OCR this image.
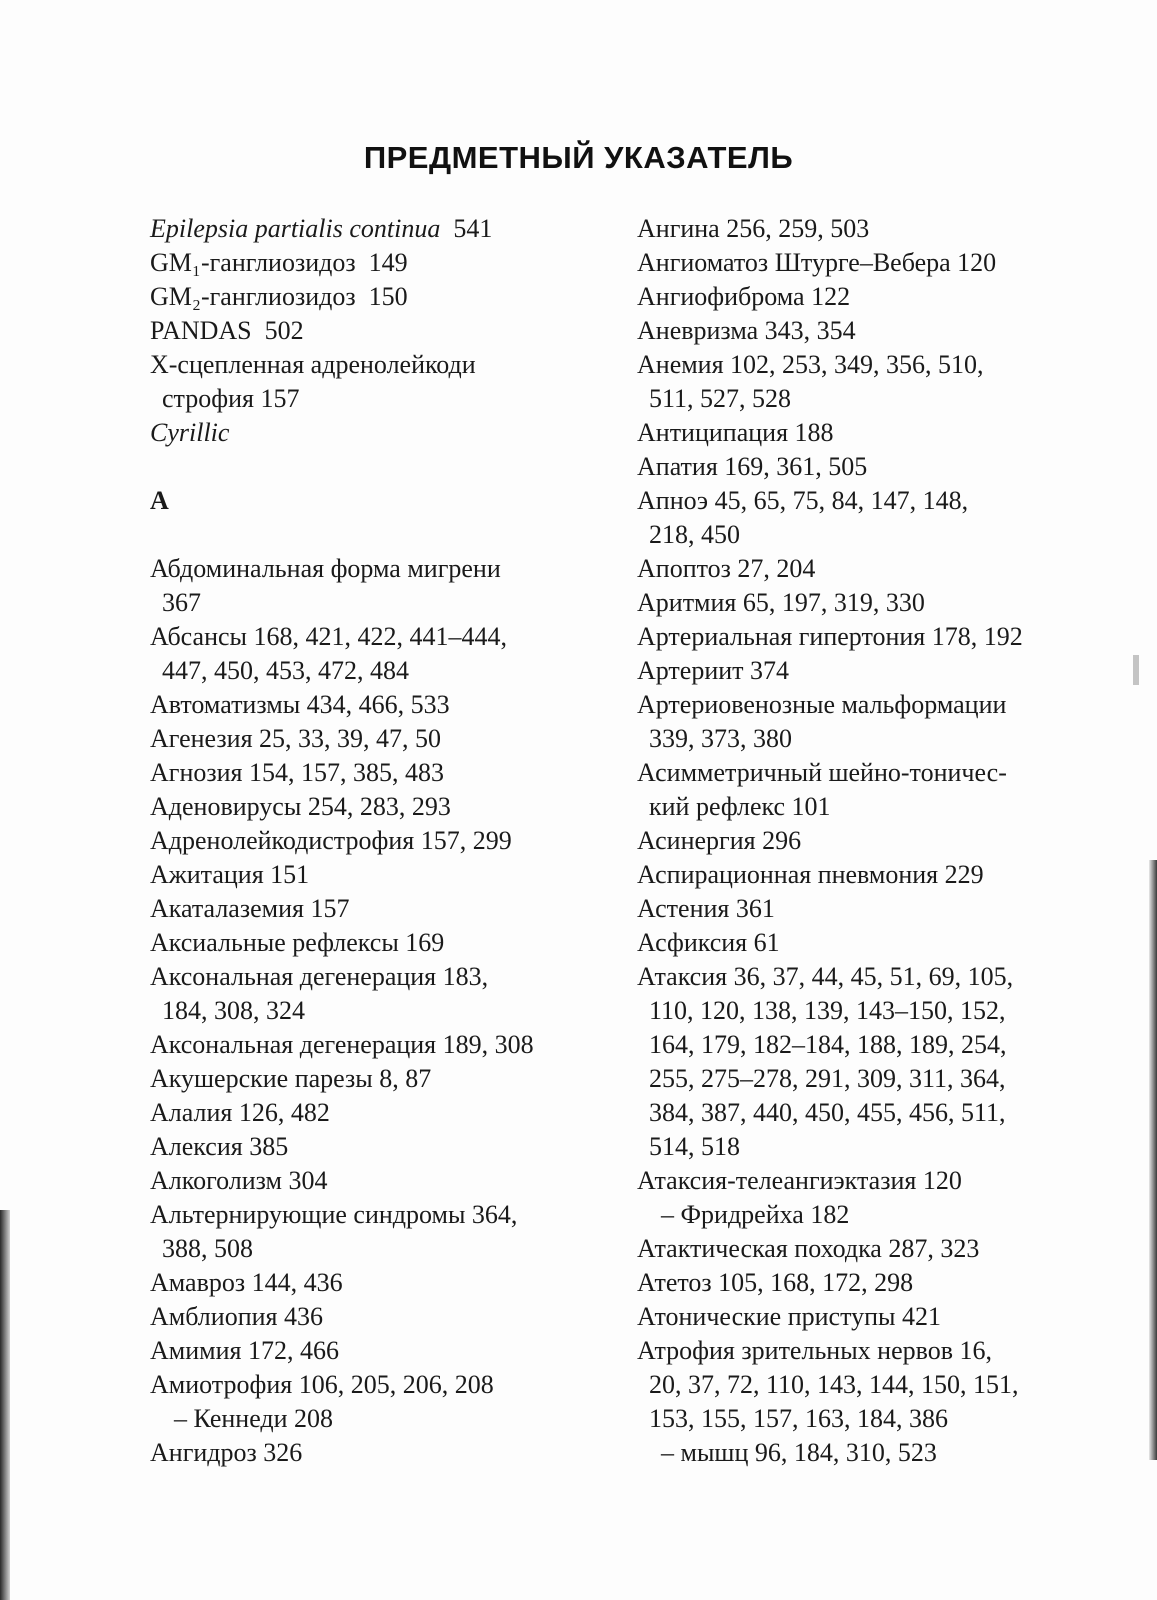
ПРЕДМЕТНЫЙ УКАЗАТЕЛЬ
Epilepsia partialis continua 541
GM₁-ганглиозидоз 149
GM₂-ганглиозидоз 150
PANDAS 502
X-сцепленная адренолейкоди
строфия 157
Cyrillic
А
Абдоминальная форма мигрени
367
Абсансы 168, 421, 422, 441–444,
447, 450, 453, 472, 484
Автоматизмы 434, 466, 533
Агенезия 25, 33, 39, 47, 50
Агнозия 154, 157, 385, 483
Аденовирусы 254, 283, 293
Адренолейкодистрофия 157, 299
Ажитация 151
Акаталаземия 157
Аксиальные рефлексы 169
Аксональная дегенерация 183,
184, 308, 324
Аксональная дегенерация 189, 308
Акушерские парезы 8, 87
Алалия 126, 482
Алексия 385
Алкоголизм 304
Альтернирующие синдромы 364,
388, 508
Амавроз 144, 436
Амблиопия 436
Амимия 172, 466
Амиотрофия 106, 205, 206, 208
– Кеннеди 208
Ангидроз 326
Ангина 256, 259, 503
Ангиоматоз Штурге–Вебера 120
Ангиофиброма 122
Аневризма 343, 354
Анемия 102, 253, 349, 356, 510,
511, 527, 528
Антиципация 188
Апатия 169, 361, 505
Апноэ 45, 65, 75, 84, 147, 148,
218, 450
Апоптоз 27, 204
Аритмия 65, 197, 319, 330
Артериальная гипертония 178, 192
Артериит 374
Артериовенозные мальформации
339, 373, 380
Асимметричный шейно-тоничес-
кий рефлекс 101
Асинергия 296
Аспирационная пневмония 229
Астения 361
Асфиксия 61
Атаксия 36, 37, 44, 45, 51, 69, 105,
110, 120, 138, 139, 143–150, 152,
164, 179, 182–184, 188, 189, 254,
255, 275–278, 291, 309, 311, 364,
384, 387, 440, 450, 455, 456, 511,
514, 518
Атаксия-телеангиэктазия 120
– Фридрейха 182
Атактическая походка 287, 323
Атетоз 105, 168, 172, 298
Атонические приступы 421
Атрофия зрительных нервов 16,
20, 37, 72, 110, 143, 144, 150, 151,
153, 155, 157, 163, 184, 386
– мышц 96, 184, 310, 523
